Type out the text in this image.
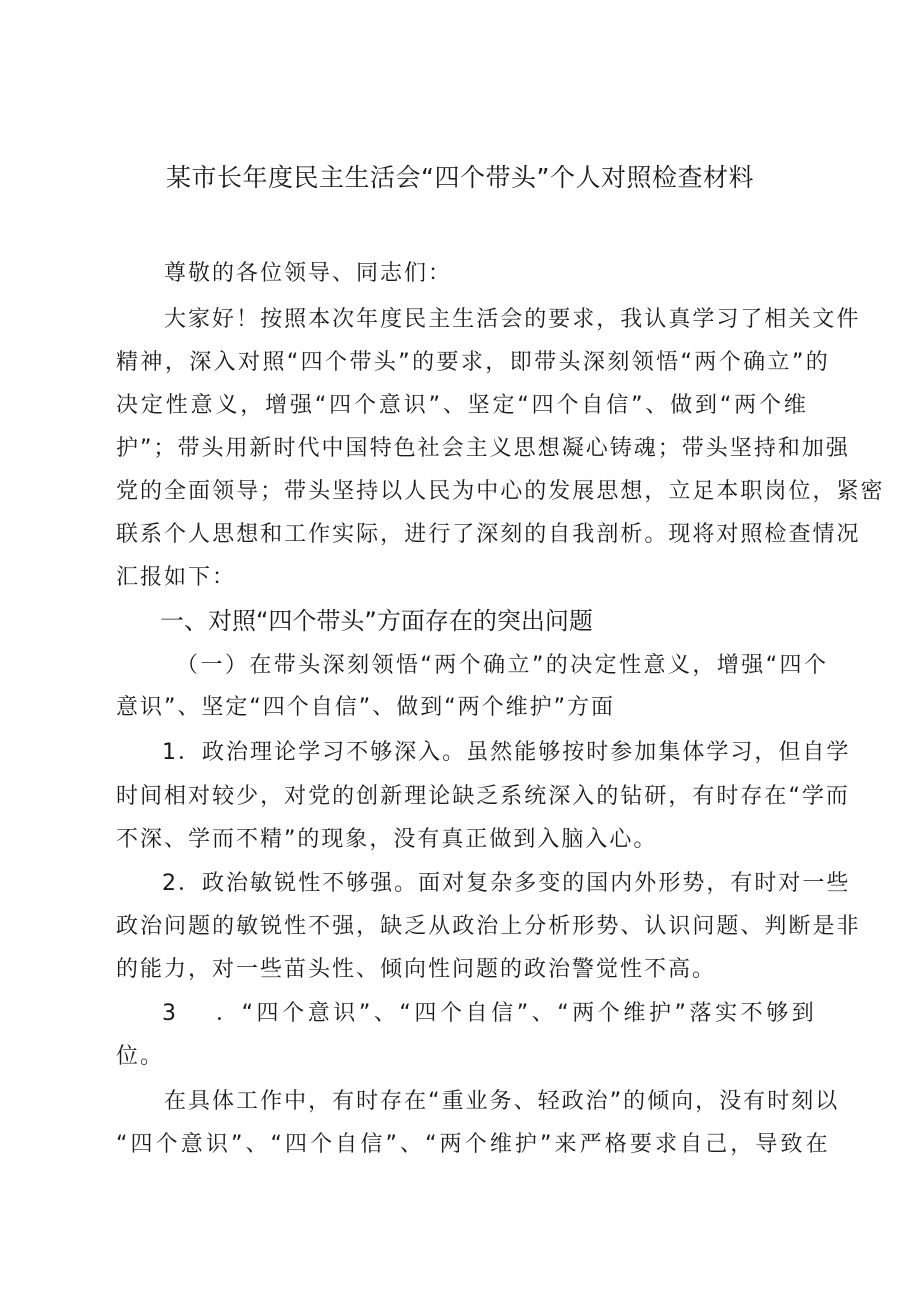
某市长年度民主生活会“四个带头”个人对照检查材料
尊敬的各位领导、同志们：
大 家 好 ！ 按 照 本 次 年 度 民 主 生 活 会 的 要 求 ， 我 认 真 学 习 了 相 关 文 件
精 神 ， 深 入 对 照 “ 四 个 带 头 ” 的 要 求 ， 即 带 头 深 刻 领 悟 “ 两 个 确 立 ” 的
决 定 性 意 义 ， 增 强 “ 四 个 意 识 ” 、 坚 定 “ 四 个 自 信 ” 、 做 到 “ 两 个 维
护 ” ； 带 头 用 新 时 代 中 国 特 色 社 会 主 义 思 想 凝 心 铸 魂 ； 带 头 坚 持 和 加 强
党 的 全 面 领 导 ； 带 头 坚 持 以 人 民 为 中 心 的 发 展 思 想 ， 立 足 本 职 岗 位 ， 紧 密
联 系 个 人 思 想 和 工 作 实 际 ， 进 行 了 深 刻 的 自 我 剖 析 。 现 将 对 照 检 查 情 况
汇报如下：
一、对照“四个带头”方面存在的突出问题
（ 一 ） 在 带 头 深 刻 领 悟 “ 两 个 确 立 ” 的 决 定 性 意 义 ， 增 强 “ 四 个
意识”、坚定“四个自信”、做到“两个维护”方面
1 ． 政 治 理 论 学 习 不 够 深 入 。 虽 然 能 够 按 时 参 加 集 体 学 习 ， 但 自 学
时 间 相 对 较 少 ， 对 党 的 创 新 理 论 缺 乏 系 统 深 入 的 钻 研 ， 有 时 存 在 “ 学 而
不深、学而不精”的现象，没有真正做到入脑入心。
2 ． 政 治 敏 锐 性 不 够 强 。 面 对 复 杂 多 变 的 国 内 外 形 势 ， 有 时 对 一 些
政 治 问 题 的 敏 锐 性 不 强 ， 缺 乏 从 政 治 上 分 析 形 势 、 认 识 问 题 、 判 断 是 非
的能力，对一些苗头性、倾向性问题的政治警觉性不高。
3 ． “ 四 个 意 识 ” 、 “ 四 个 自 信 ” 、 “ 两 个 维 护 ” 落 实 不 够 到
位。
在 具 体 工 作 中 ， 有 时 存 在 “ 重 业 务 、 轻 政 治 ” 的 倾 向 ， 没 有 时 刻 以
“ 四 个 意 识 ” 、 “ 四 个 自 信 ” 、 “ 两 个 维 护 ” 来 严 格 要 求 自 己 ， 导 致 在
